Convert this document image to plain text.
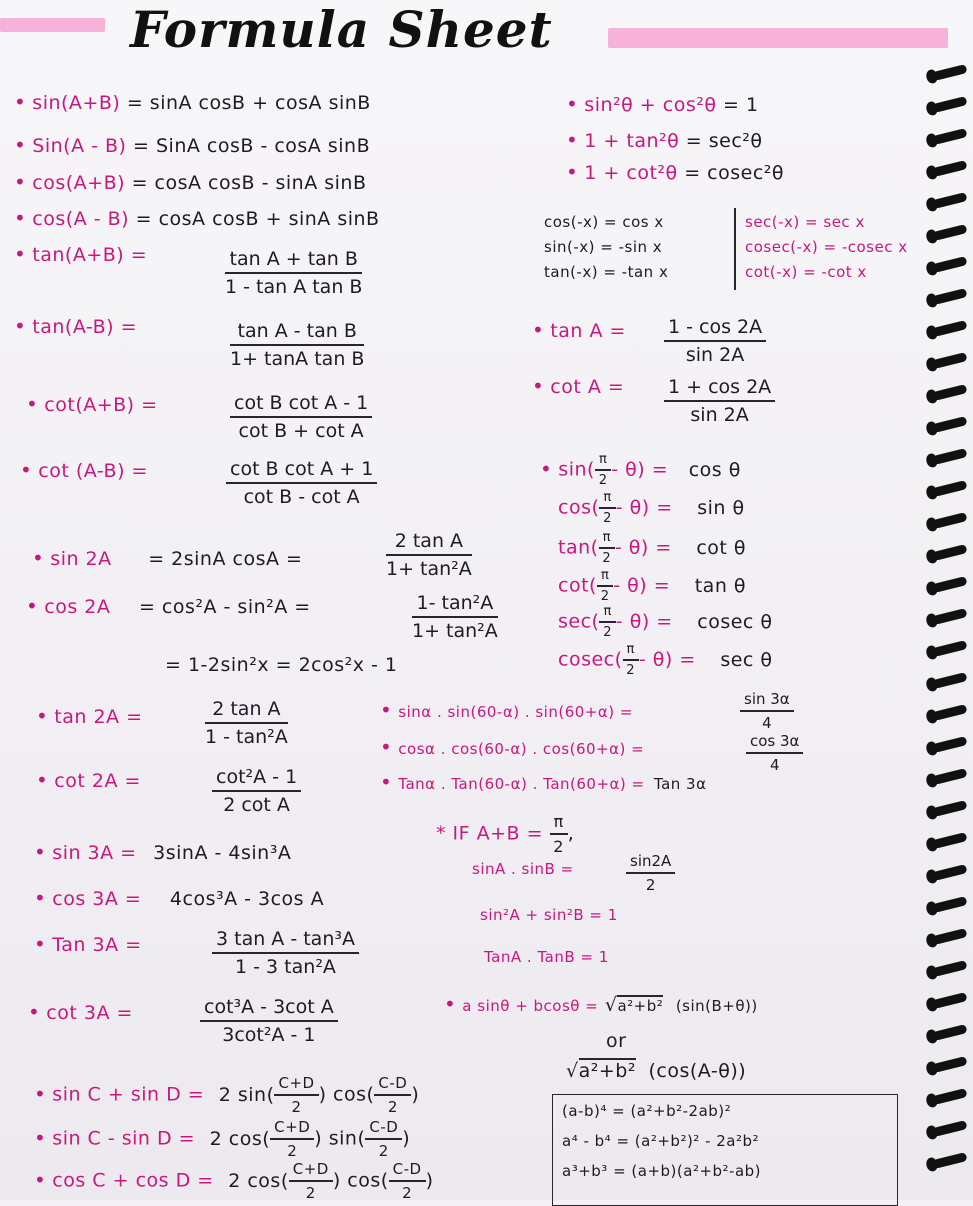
Formula Sheet
• sin(A+B) = sinA cosB + cosA sinB
• Sin(A - B) = SinA cosB - cosA sinB
• cos(A+B) = cosA cosB - sinA sinB
• cos(A - B) = cosA cosB + sinA sinB
• tan(A+B) =	$\frac{\text{tan A + tan B}}{\text{1 - tan A tan B}}$
• tan(A-B) =	$\frac{\text{tan A - tan B}}{\text{1+ tanA tan B}}$
• cot(A+B) =	$\frac{\text{cot B cot A - 1}}{\text{cot B + cot A}}$
• cot (A-B) =	$\frac{\text{cot B cot A + 1}}{\text{cot B - cot A}}$
• sin 2A = 2sinA cosA =	$\frac{\text{2 tan A}}{\text{1+ tan²A}}$
• cos 2A = cos²A - sin²A =	$\frac{\text{1- tan²A}}{\text{1+ tan²A}}$
= 1-2sin²x = 2cos²x - 1
• tan 2A =	$\frac{\text{2 tan A}}{\text{1 - tan²A}}$
• cot 2A =	$\frac{\text{cot²A - 1}}{\text{2 cot A}}$
• sin 3A = 3sinA - 4sin³A
• cos 3A = 4cos³A - 3cos A
• Tan 3A =	$\frac{\text{3 tan A - tan³A}}{\text{1 - 3 tan²A}}$
• cot 3A =	$\frac{\text{cot³A - 3cot A}}{\text{3cot²A - 1}}$
• sin C + sin D = 2 $\sin( \frac{C+D}{2}$ ) $\cos( \frac{C-D}{2}$ )
• sin C - sin D = 2 $\cos( \frac{C+D}{2}$ ) $\sin( \frac{C-D}{2}$ )
• cos C + cos D = 2 $\cos( \frac{C+D}{2}$ ) $\cos( \frac{C-D}{2}$ )
• sin²θ + cos²θ = 1
• 1 + tan²θ = sec²θ
• 1 + cot²θ = cosec²θ
cos(-x) = cos x
sin(-x) = -sin x
tan(-x) = -tan x
sec(-x) = sec x
cosec(-x) = -cosec x
cot(-x) = -cot x
• $\tan A = \frac{1 - \cos 2A}{\sin 2A}$
• $\cot A = \frac{1 + \cos 2A}{\sin 2A}$
• $\sin( \frac{\pi}{2} - \theta) = \cos \theta$
$\cos( \frac{\pi}{2} - \theta) = \sin \theta$
$\tan( \frac{\pi}{2} - \theta) = \cot \theta$
$\cot( \frac{\pi}{2} - \theta) = \tan \theta$
$\sec( \frac{\pi}{2} - \theta) = cosec$ θ
$cosec( \frac{\pi}{2} - \theta) = \sec \theta$
• sinα . sin(60-α) . sin(60+α) =	$\frac{\sin 3\alpha}{4}$
• cosα . cos(60-α) . cos(60+α) =	$\frac{\cos 3\alpha}{4}$
• Tanα . Tan(60-α) . Tan(60+α) = Tan 3α
* IF $A+B = \frac{\pi}{2}$ ,
sinA . sinB =	$\frac{\sin 2A}{2}$
sin²A + sin²B = 1
TanA . TanB = 1
• a sinθ + bcosθ = √a²+b² (sin(B+θ))
or
√a²+b² (cos(A-θ))
(a-b)⁴ = (a²+b²-2ab)²
a⁴ - b⁴ = (a²+b²)² - 2a²b²
a³+b³ = (a+b)(a²+b²-ab)
